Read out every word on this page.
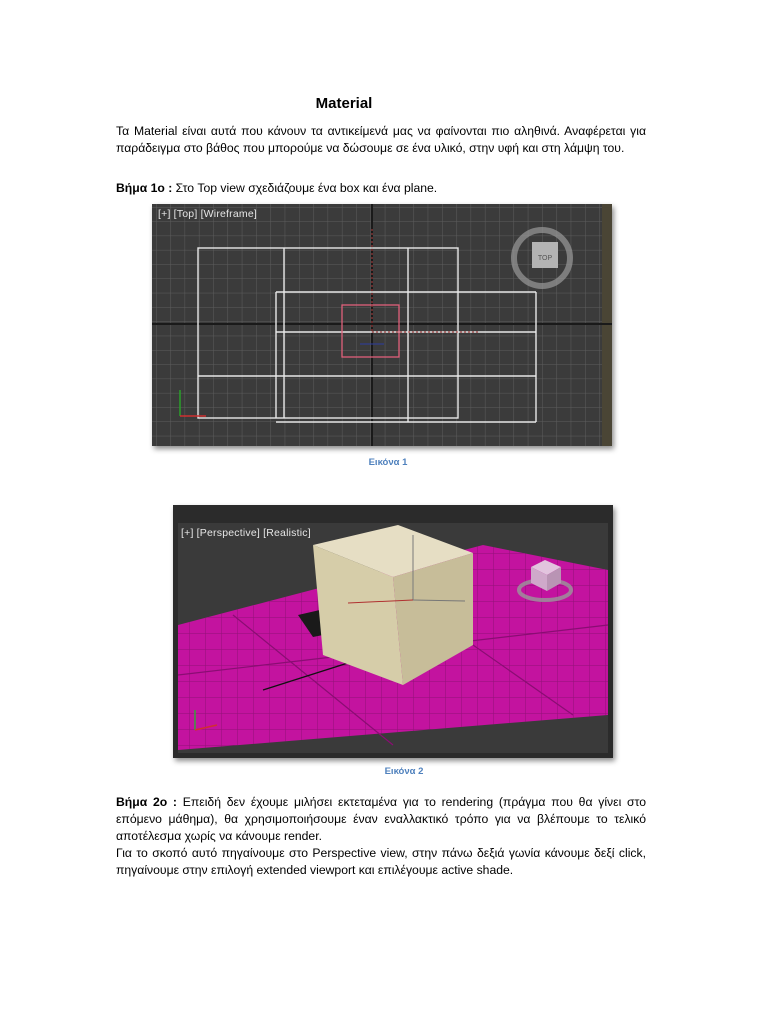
Material

Τα Material είναι αυτά που κάνουν τα αντικείμενά μας να φαίνονται πιο αληθινά. Αναφέρεται για παράδειγμα στο βάθος που μπορούμε να δώσουμε σε ένα υλικό, στην υφή και στη λάμψη του.

Βήμα 1ο : Στο Top view σχεδιάζουμε ένα box και ένα plane.

TOP
[+] [Top] [Wireframe]
Εικόνα 1
[+] [Perspective] [Realistic]
Εικόνα 2

Βήμα 2ο : Επειδή δεν έχουμε μιλήσει εκτεταμένα για το rendering (πράγμα που θα γίνει στο επόμενο μάθημα), θα χρησιμοποιήσουμε έναν εναλλακτικό τρόπο για να βλέπουμε το τελικό αποτέλεσμα χωρίς να κάνουμε render.

Για το σκοπό αυτό πηγαίνουμε στο Perspective view, στην πάνω δεξιά γωνία κάνουμε δεξί click, πηγαίνουμε στην επιλογή extended viewport και επιλέγουμε active shade.
